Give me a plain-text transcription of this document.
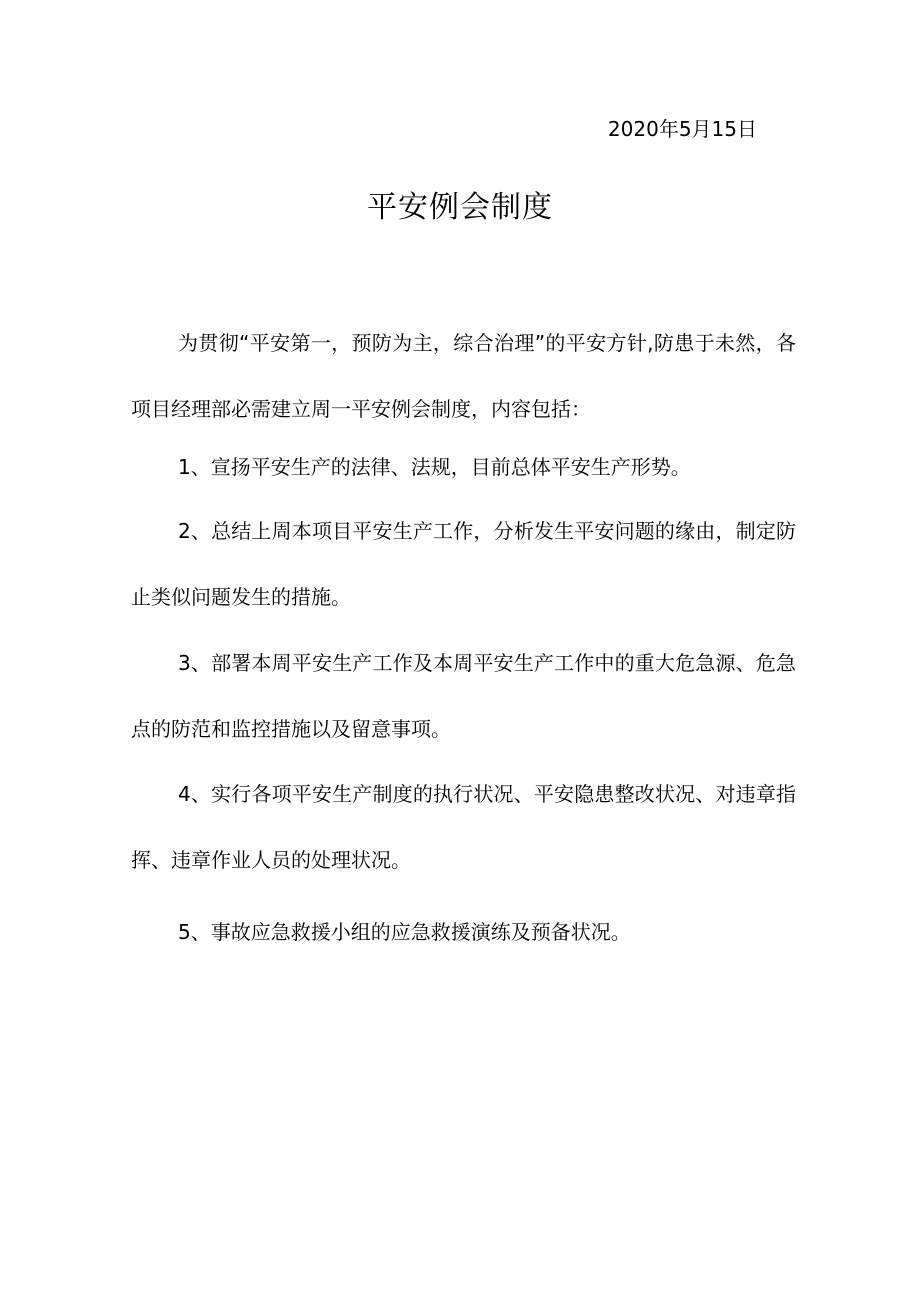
2020年5月15日
平安例会制度

为贯彻“平安第一，预防为主，综合治理”的平安方针,防患于未然，各项目经理部必需建立周一平安例会制度，内容包括：

1、宣扬平安生产的法律、法规，目前总体平安生产形势。

2、总结上周本项目平安生产工作，分析发生平安问题的缘由，制定防止类似问题发生的措施。

3、部署本周平安生产工作及本周平安生产工作中的重大危急源、危急点的防范和监控措施以及留意事项。

4、实行各项平安生产制度的执行状况、平安隐患整改状况、对违章指挥、违章作业人员的处理状况。

5、事故应急救援小组的应急救援演练及预备状况。
